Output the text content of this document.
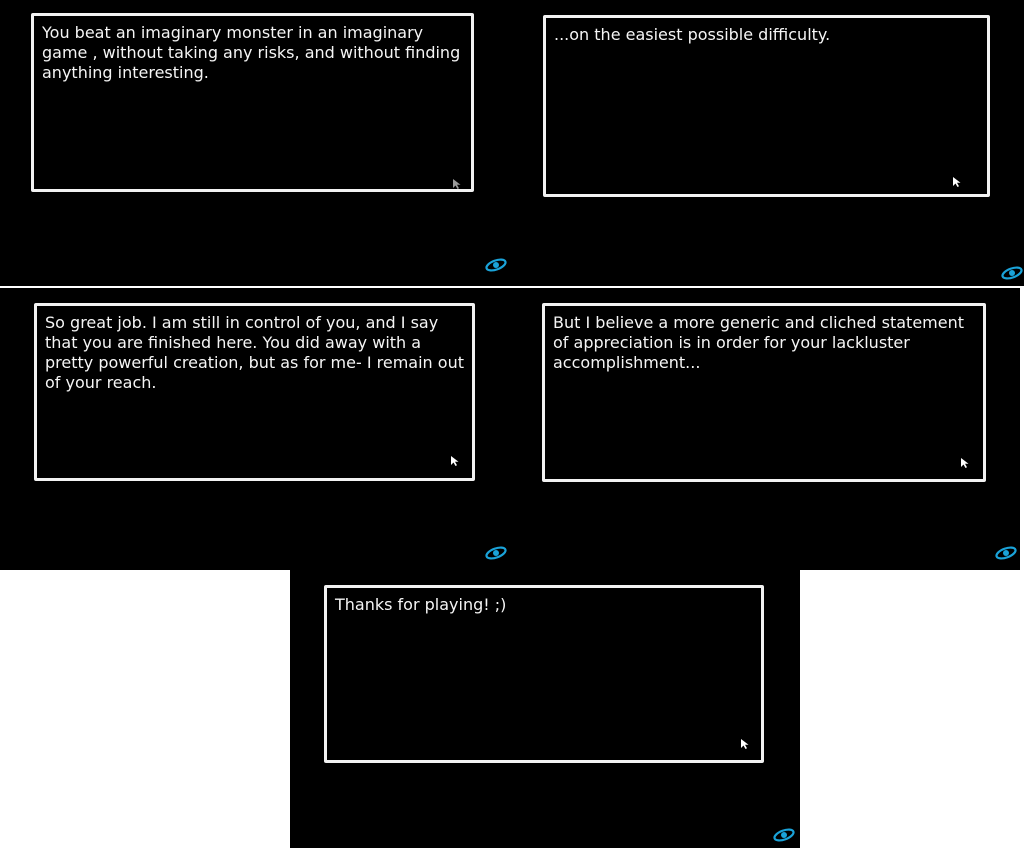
You beat an imaginary monster in an imaginary game , without taking any risks, and without finding anything interesting.
...on the easiest possible difficulty.
So great job. I am still in control of you, and I say that you are finished here. You did away with a pretty powerful creation, but as for me- I remain out of your reach.
But I believe a more generic and cliched statement of appreciation is in order for your lackluster accomplishment...
Thanks for playing! ;)
